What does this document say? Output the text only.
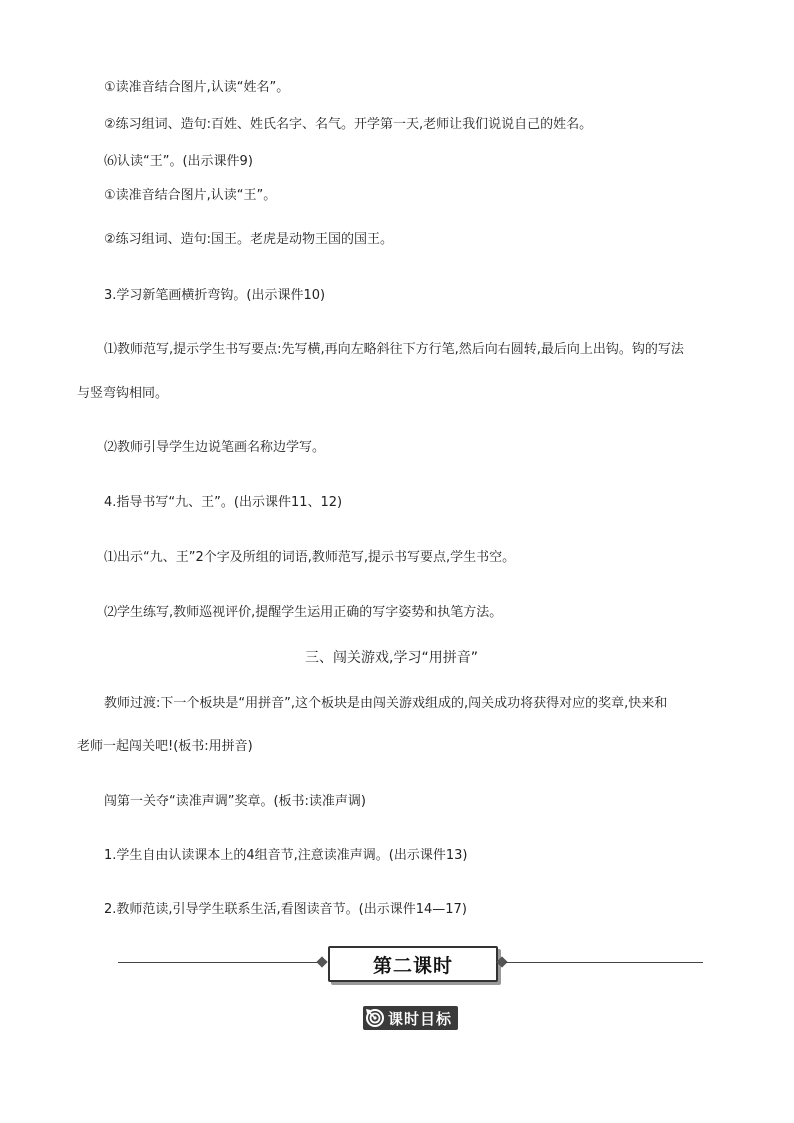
①读准音结合图片,认读“姓名”。
②练习组词、造句:百姓、姓氏名字、名气。开学第一天,老师让我们说说自己的姓名。
⑹认读“王”。(出示课件9)
①读准音结合图片,认读“王”。
②练习组词、造句:国王。老虎是动物王国的国王。
3.学习新笔画横折弯钩。(出示课件10)
⑴教师范写,提示学生书写要点:先写横,再向左略斜往下方行笔,然后向右圆转,最后向上出钩。钩的写法
与竖弯钩相同。
⑵教师引导学生边说笔画名称边学写。
4.指导书写“九、王”。(出示课件11、12)
⑴出示“九、王”2个字及所组的词语,教师范写,提示书写要点,学生书空。
⑵学生练写,教师巡视评价,提醒学生运用正确的写字姿势和执笔方法。
三、闯关游戏,学习“用拼音”
教师过渡:下一个板块是“用拼音”,这个板块是由闯关游戏组成的,闯关成功将获得对应的奖章,快来和
老师一起闯关吧!(板书:用拼音)
闯第一关夺“读准声调”奖章。(板书:读准声调)
1.学生自由认读课本上的4组音节,注意读准声调。(出示课件13)
2.教师范读,引导学生联系生活,看图读音节。(出示课件14—17)
第二课时
课时目标
